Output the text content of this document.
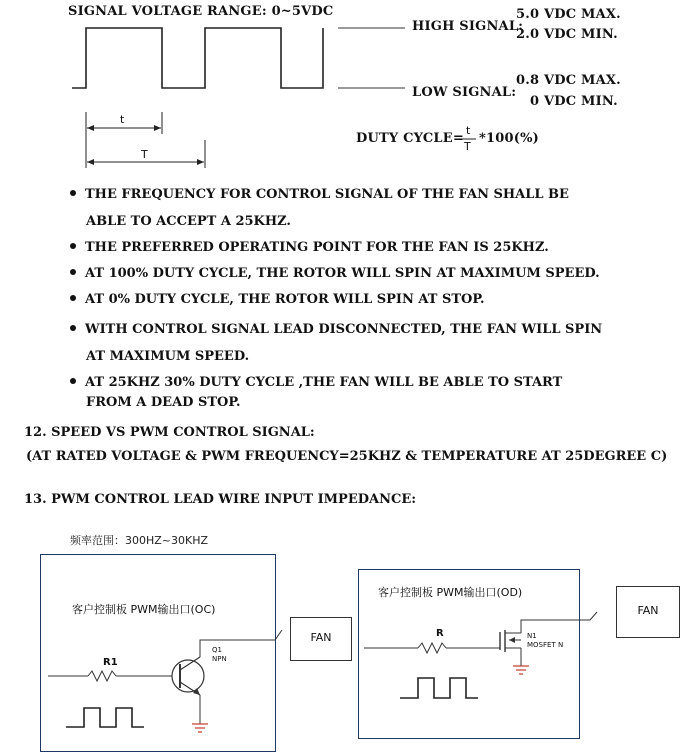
SIGNAL VOLTAGE RANGE: 0~5VDC
t
T
HIGH SIGNAL:
5.0 VDC MAX.
2.0 VDC MIN.
LOW SIGNAL:
0.8 VDC MAX.
0 VDC MIN.
DUTY CYCLE=
t
T
*100(%)
THE FREQUENCY FOR CONTROL SIGNAL OF THE FAN SHALL BE
ABLE TO ACCEPT A 25KHZ.
THE PREFERRED OPERATING POINT FOR THE FAN IS 25KHZ.
AT 100% DUTY CYCLE, THE ROTOR WILL SPIN AT MAXIMUM SPEED.
AT 0% DUTY CYCLE, THE ROTOR WILL SPIN AT STOP.
WITH CONTROL SIGNAL LEAD DISCONNECTED, THE FAN WILL SPIN
AT MAXIMUM SPEED.
AT 25KHZ 30% DUTY CYCLE ,THE FAN WILL BE ABLE TO START
FROM A DEAD STOP.
12. SPEED VS PWM CONTROL SIGNAL:
(AT RATED VOLTAGE & PWM FREQUENCY=25KHZ & TEMPERATURE AT 25DEGREE C)
13. PWM CONTROL LEAD WIRE INPUT IMPEDANCE:
频率范围：300HZ~30KHZ
客户控制板 PWM输出口(OC)
客户控制板 PWM输出口(OD)
FAN
FAN
R1
Q1
NPN
R	N1
MOSFET N
